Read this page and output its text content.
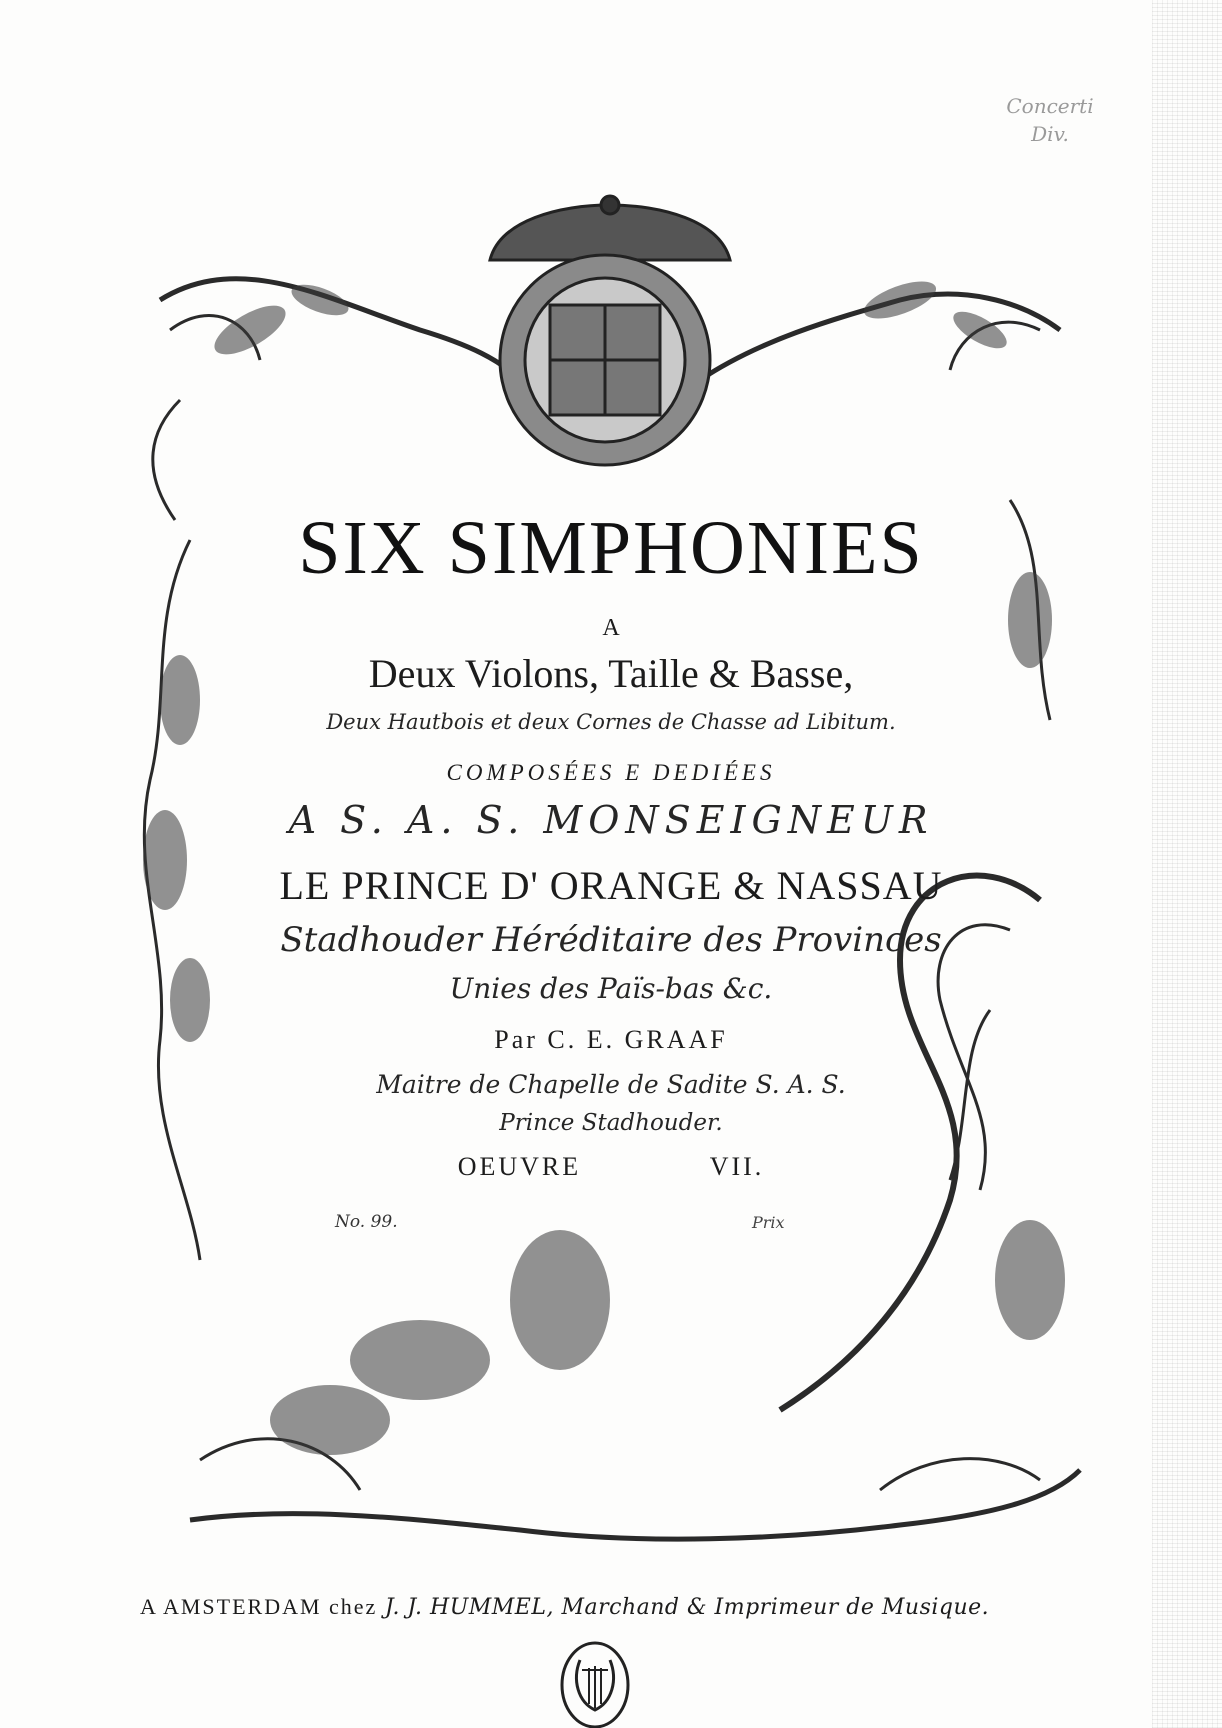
Concerti
Div.
SIX SIMPHONIES
A
Deux Violons, Taille & Basse,
Deux Hautbois et deux Cornes de Chasse ad Libitum.
COMPOSÉES E DEDIÉES
A S. A. S. MONSEIGNEUR
LE PRINCE D' ORANGE & NASSAU
Stadhouder Héréditaire des Provinces
Unies des Païs-bas &c.
Par C. E. GRAAF
Maitre de Chapelle de Sadite S. A. S.
Prince Stadhouder.
OEUVRE	VII.
No. 99.	Prix
A AMSTERDAM chez J. J. HUMMEL, Marchand & Imprimeur de Musique.
